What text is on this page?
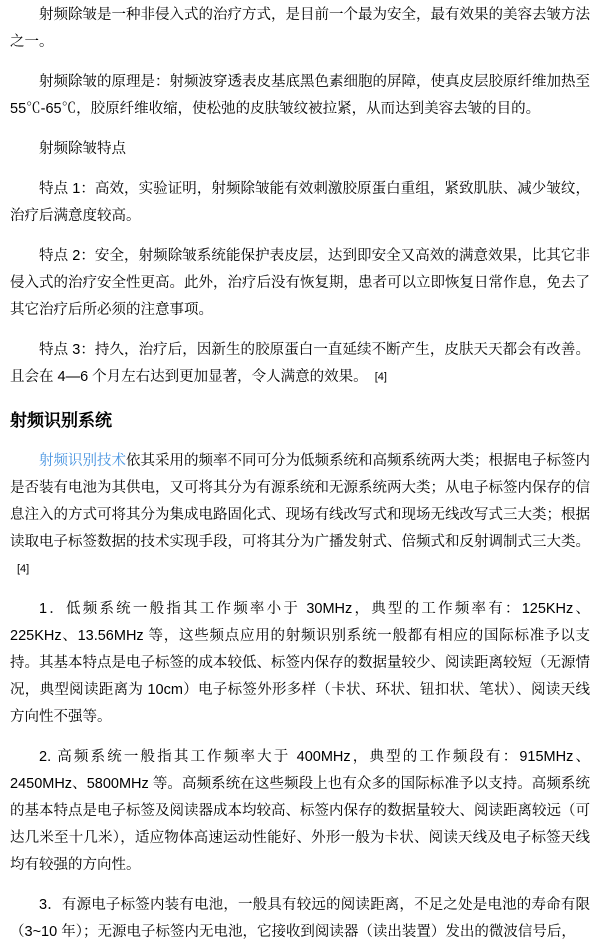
射频除皱是一种非侵入式的治疗方式，是目前一个最为安全，最有效果的美容去皱方法之一。

射频除皱的原理是：射频波穿透表皮基底黑色素细胞的屏障，使真皮层胶原纤维加热至55℃-65℃，胶原纤维收缩，使松弛的皮肤皱纹被拉紧，从而达到美容去皱的目的。

射频除皱特点

特点 1：高效，实验证明，射频除皱能有效刺激胶原蛋白重组，紧致肌肤、减少皱纹，治疗后满意度较高。

特点 2：安全，射频除皱系统能保护表皮层，达到即安全又高效的满意效果，比其它非侵入式的治疗安全性更高。此外，治疗后没有恢复期，患者可以立即恢复日常作息，免去了其它治疗后所必须的注意事项。

特点 3：持久，治疗后，因新生的胶原蛋白一直延续不断产生，皮肤天天都会有改善。且会在 4—6 个月左右达到更加显著，令人满意的效果。 [4]

射频识别系统

射频识别技术依其采用的频率不同可分为低频系统和高频系统两大类；根据电子标签内是否装有电池为其供电，又可将其分为有源系统和无源系统两大类；从电子标签内保存的信息注入的方式可将其分为集成电路固化式、现场有线改写式和现场无线改写式三大类；根据读取电子标签数据的技术实现手段，可将其分为广播发射式、倍频式和反射调制式三大类。[4]

1．低频系统一般指其工作频率小于 30MHz，典型的工作频率有：125KHz、225KHz、13.56MHz 等，这些频点应用的射频识别系统一般都有相应的国际标准予以支持。其基本特点是电子标签的成本较低、标签内保存的数据量较少、阅读距离较短（无源情况，典型阅读距离为 10cm）电子标签外形多样（卡状、环状、钮扣状、笔状）、阅读天线方向性不强等。

2. 高频系统一般指其工作频率大于 400MHz，典型的工作频段有：915MHz、2450MHz、5800MHz 等。高频系统在这些频段上也有众多的国际标准予以支持。高频系统的基本特点是电子标签及阅读器成本均较高、标签内保存的数据量较大、阅读距离较远（可达几米至十几米），适应物体高速运动性能好、外形一般为卡状、阅读天线及电子标签天线均有较强的方向性。

3．有源电子标签内装有电池，一般具有较远的阅读距离，不足之处是电池的寿命有限（3~10 年）；无源电子标签内无电池，它接收到阅读器（读出装置）发出的微波信号后，
